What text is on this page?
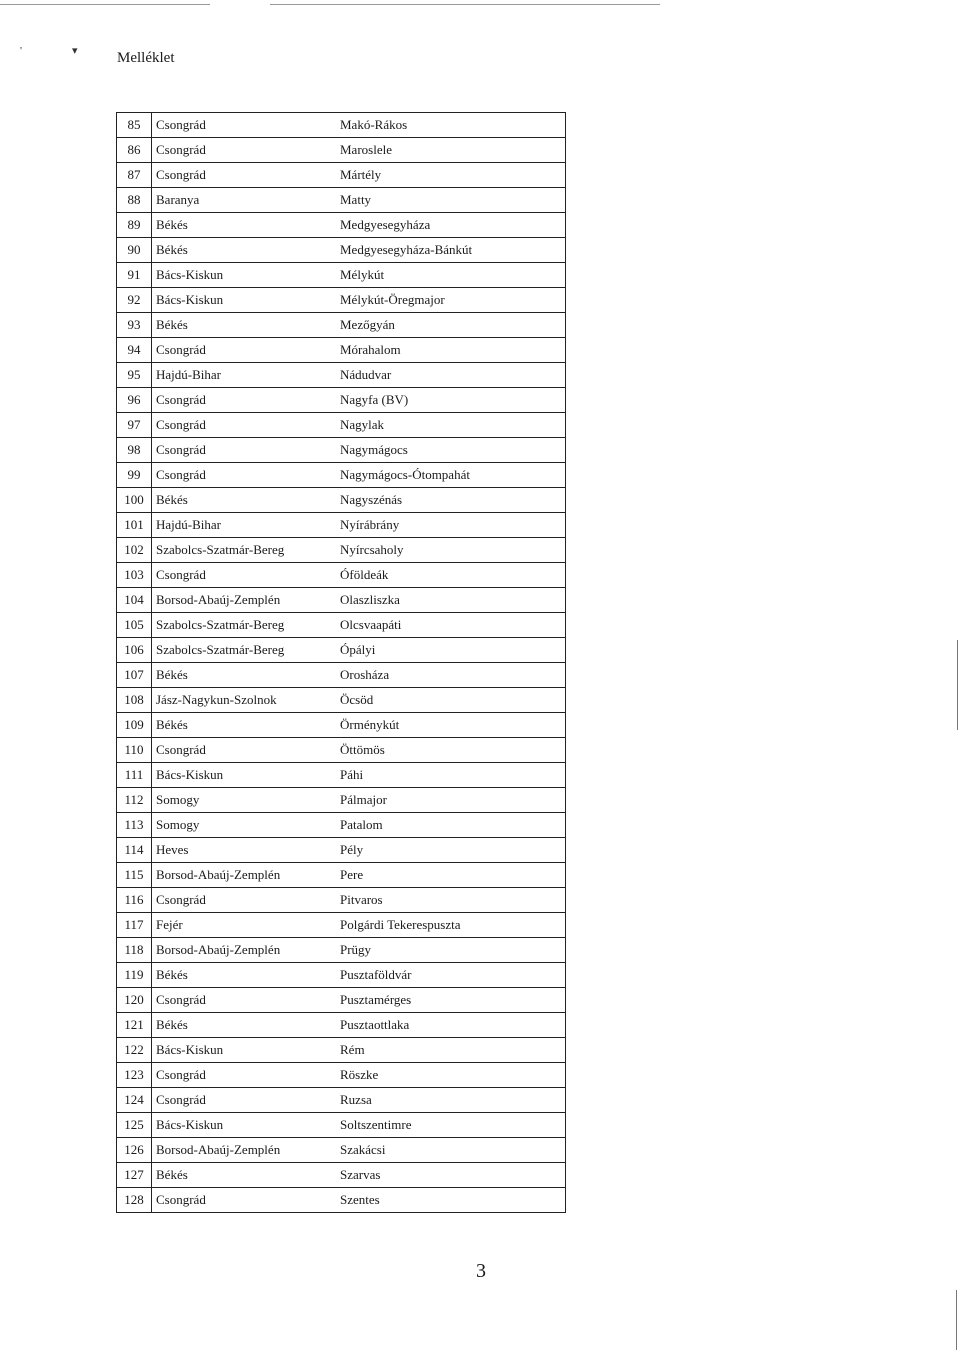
'	▾	Melléklet
85	Csongrád	Makó-Rákos
86	Csongrád	Maroslele
87	Csongrád	Mártély
88	Baranya	Matty
89	Békés	Medgyesegyháza
90	Békés	Medgyesegyháza-Bánkút
91	Bács-Kiskun	Mélykút
92	Bács-Kiskun	Mélykút-Öregmajor
93	Békés	Mezőgyán
94	Csongrád	Mórahalom
95	Hajdú-Bihar	Nádudvar
96	Csongrád	Nagyfa (BV)
97	Csongrád	Nagylak
98	Csongrád	Nagymágocs
99	Csongrád	Nagymágocs-Ótompahát
100	Békés	Nagyszénás
101	Hajdú-Bihar	Nyírábrány
102	Szabolcs-Szatmár-Bereg	Nyírcsaholy
103	Csongrád	Óföldeák
104	Borsod-Abaúj-Zemplén	Olaszliszka
105	Szabolcs-Szatmár-Bereg	Olcsvaapáti
106	Szabolcs-Szatmár-Bereg	Ópályi
107	Békés	Orosháza
108	Jász-Nagykun-Szolnok	Öcsöd
109	Békés	Örménykút
110	Csongrád	Öttömös
111	Bács-Kiskun	Páhi
112	Somogy	Pálmajor
113	Somogy	Patalom
114	Heves	Pély
115	Borsod-Abaúj-Zemplén	Pere
116	Csongrád	Pitvaros
117	Fejér	Polgárdi Tekerespuszta
118	Borsod-Abaúj-Zemplén	Prügy
119	Békés	Pusztaföldvár
120	Csongrád	Pusztamérges
121	Békés	Pusztaottlaka
122	Bács-Kiskun	Rém
123	Csongrád	Röszke
124	Csongrád	Ruzsa
125	Bács-Kiskun	Soltszentimre
126	Borsod-Abaúj-Zemplén	Szakácsi
127	Békés	Szarvas
128	Csongrád	Szentes
3
